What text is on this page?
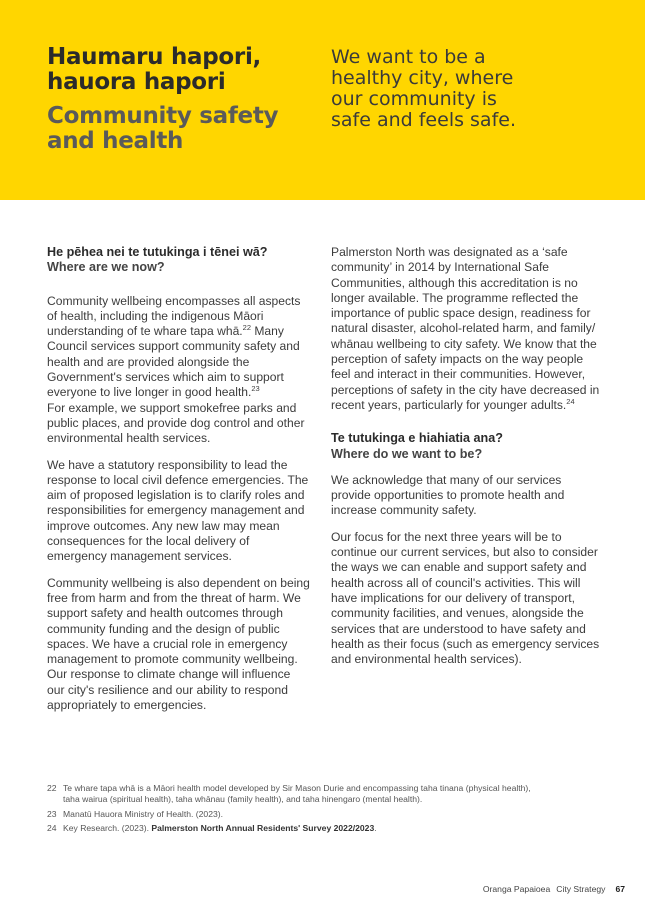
Haumaru hapori,
hauora hapori
Community safety
and health
We want to be a
healthy city, where
our community is
safe and feels safe.
He pēhea nei te tutukinga i tēnei wā?
Where are we now?

Community wellbeing encompasses all aspects of health, including the indigenous Māori understanding of te whare tapa whā.$^{22}$ Many Council services support community safety and health and are provided alongside the Government's services which aim to support everyone to live longer in good health.$^{23}$
For example, we support smokefree parks and public places, and provide dog control and other environmental health services.

We have a statutory responsibility to lead the response to local civil defence emergencies. The aim of proposed legislation is to clarify roles and responsibilities for emergency management and improve outcomes. Any new law may mean consequences for the local delivery of emergency management services.

Community wellbeing is also dependent on being free from harm and from the threat of harm. We support safety and health outcomes through community funding and the design of public spaces. We have a crucial role in emergency management to promote community wellbeing. Our response to climate change will influence our city's resilience and our ability to respond appropriately to emergencies.

Palmerston North was designated as a ‘safe community’ in 2014 by International Safe Communities, although this accreditation is no longer available. The programme reflected the importance of public space design, readiness for natural disaster, alcohol-related harm, and family/ whānau wellbeing to city safety. We know that the perception of safety impacts on the way people feel and interact in their communities. However, perceptions of safety in the city have decreased in recent years, particularly for younger adults.$^{24}$

Te tutukinga e hiahiatia ana?
Where do we want to be?

We acknowledge that many of our services provide opportunities to promote health and increase community safety.

Our focus for the next three years will be to continue our current services, but also to consider the ways we can enable and support safety and health across all of council's activities. This will have implications for our delivery of transport, community facilities, and venues, alongside the services that are understood to have safety and health as their focus (such as emergency services and environmental health services).

22 Te whare tapa whā is a Māori health model developed by Sir Mason Durie and encompassing taha tinana (physical health), taha wairua (spiritual health), taha whānau (family health), and taha hinengaro (mental health).
23 Manatū Hauora Ministry of Health. (2023).
24 Key Research. (2023). Palmerston North Annual Residents' Survey 2022/2023.
Oranga Papaioea City Strategy 67
